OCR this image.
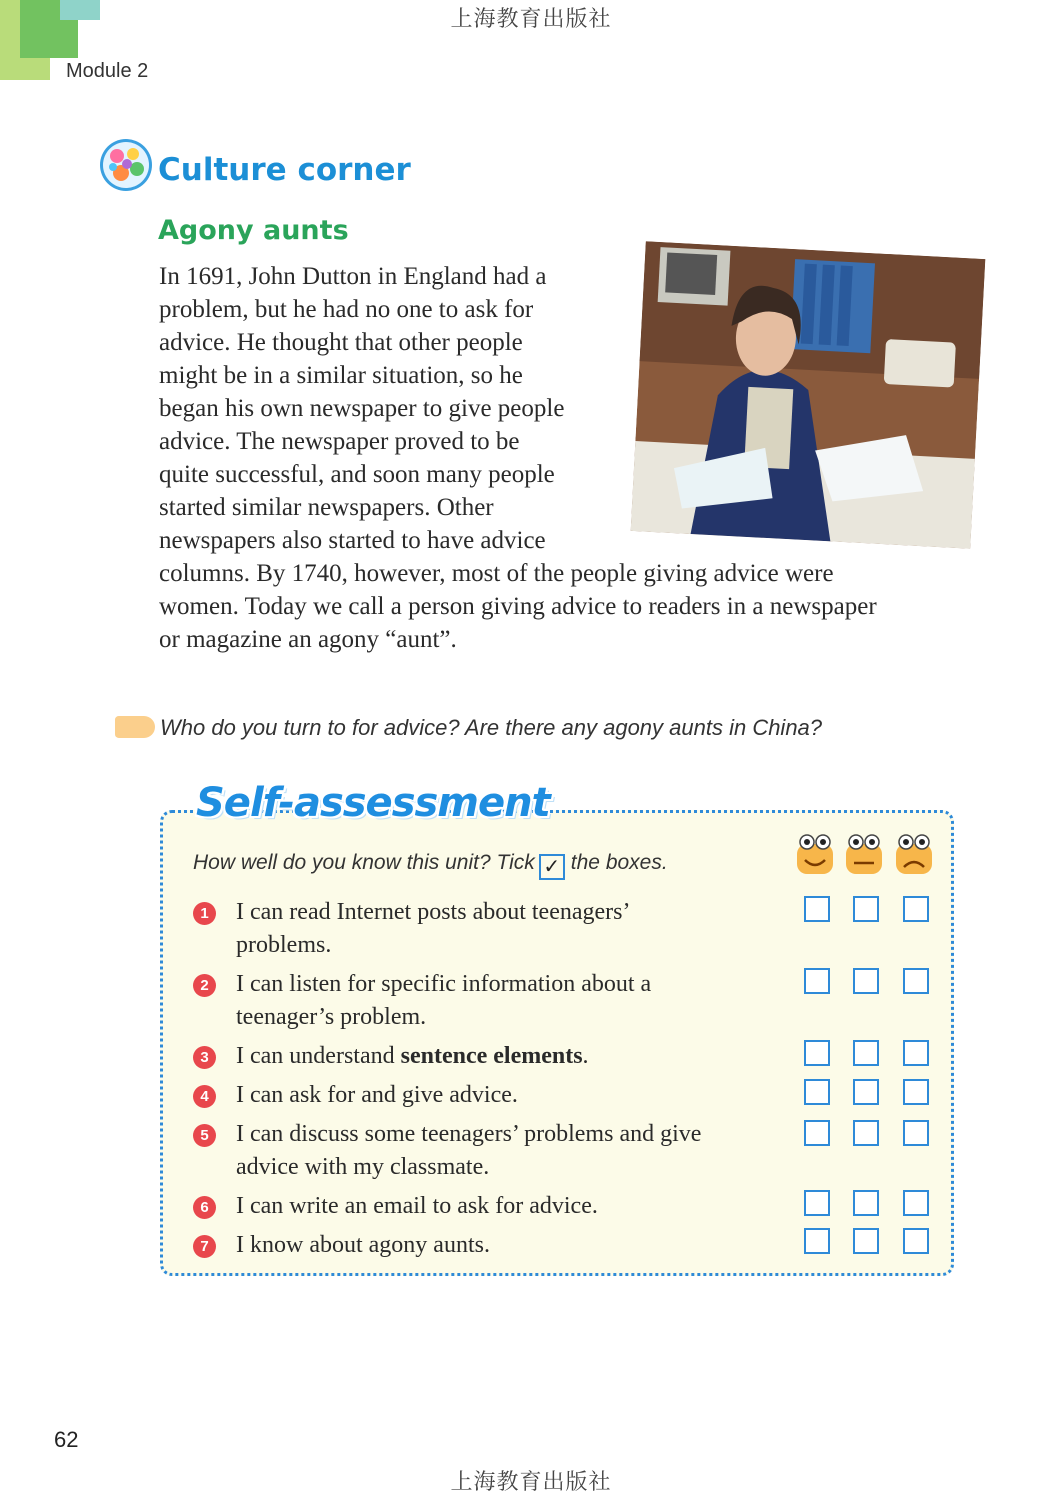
上海教育出版社
上海教育出版社
Module 2
Culture corner
Agony aunts
In 1691, John Dutton in England had a
problem, but he had no one to ask for
advice. He thought that other people
might be in a similar situation, so he
began his own newspaper to give people
advice. The newspaper proved to be
quite successful, and soon many people
started similar newspapers. Other
newspapers also started to have advice
columns. By 1740, however, most of the people giving advice were
women. Today we call a person giving advice to readers in a newspaper
or magazine an agony “aunt”.
Who do you turn to for advice? Are there any agony aunts in China?
Self-assessment
How well do you know this unit? Tick ✓ the boxes.
1	I can read Internet posts about teenagers’
problems.
2	I can listen for specific information about a
teenager’s problem.
3	I can understand sentence elements.
4	I can ask for and give advice.
5	I can discuss some teenagers’ problems and give
advice with my classmate.
6	I can write an email to ask for advice.
7	I know about agony aunts.
62
